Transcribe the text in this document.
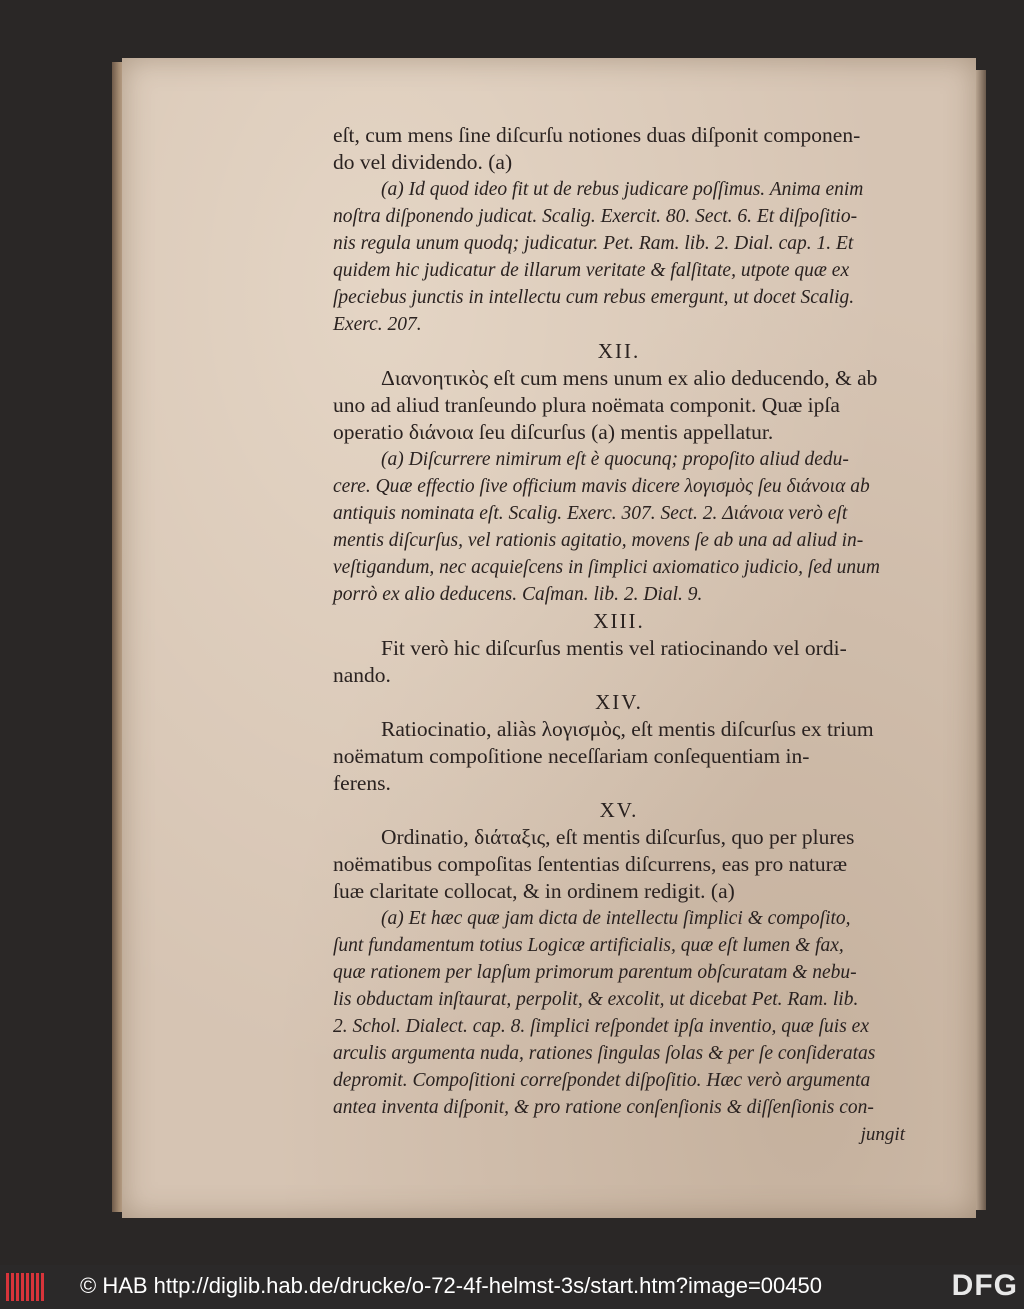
eſt, cum mens ſine diſcurſu notiones duas diſponit componen-

do vel dividendo. (a)

(a) Id quod ideo fit ut de rebus judicare poſſimus. Anima enim

noſtra diſponendo judicat. Scalig. Exercit. 80. Sect. 6. Et diſpoſitio-

nis regula unum quodq; judicatur. Pet. Ram. lib. 2. Dial. cap. 1. Et

quidem hic judicatur de illarum veritate & falſitate, utpote quæ ex

ſpeciebus junctis in intellectu cum rebus emergunt, ut docet Scalig.

Exerc. 207.

XII.

Διανοητικὸς eſt cum mens unum ex alio deducendo, & ab

uno ad aliud tranſeundo plura noëmata componit. Quæ ipſa

operatio διάνοια ſeu diſcurſus (a) mentis appellatur.

(a) Diſcurrere nimirum eſt è quocunq; propoſito aliud dedu-

cere. Quæ effectio ſive officium mavis dicere λογισμὸς ſeu διάνοια ab

antiquis nominata eſt. Scalig. Exerc. 307. Sect. 2. Διάνοια verò eſt

mentis diſcurſus, vel rationis agitatio, movens ſe ab una ad aliud in-

veſtigandum, nec acquieſcens in ſimplici axiomatico judicio, ſed unum

porrò ex alio deducens. Caſman. lib. 2. Dial. 9.

XIII.

Fit verò hic diſcurſus mentis vel ratiocinando vel ordi-

nando.

XIV.

Ratiocinatio, aliàs λογισμὸς, eſt mentis diſcurſus ex trium

noëmatum compoſitione neceſſariam conſequentiam in-

ferens.

XV.

Ordinatio, διάταξις, eſt mentis diſcurſus, quo per plures

noëmatibus compoſitas ſententias diſcurrens, eas pro naturæ

ſuæ claritate collocat, & in ordinem redigit. (a)

(a) Et hæc quæ jam dicta de intellectu ſimplici & compoſito,

ſunt fundamentum totius Logicæ artificialis, quæ eſt lumen & fax,

quæ rationem per lapſum primorum parentum obſcuratam & nebu-

lis obductam inſtaurat, perpolit, & excolit, ut dicebat Pet. Ram. lib.

2. Schol. Dialect. cap. 8. ſimplici reſpondet ipſa inventio, quæ ſuis ex

arculis argumenta nuda, rationes ſingulas ſolas & per ſe conſideratas

depromit. Compoſitioni correſpondet diſpoſitio. Hæc verò argumenta

antea inventa diſponit, & pro ratione conſenſionis & diſſenſionis con-

jungit

© HAB http://diglib.hab.de/drucke/o-72-4f-helmst-3s/start.htm?image=00450	DFG
